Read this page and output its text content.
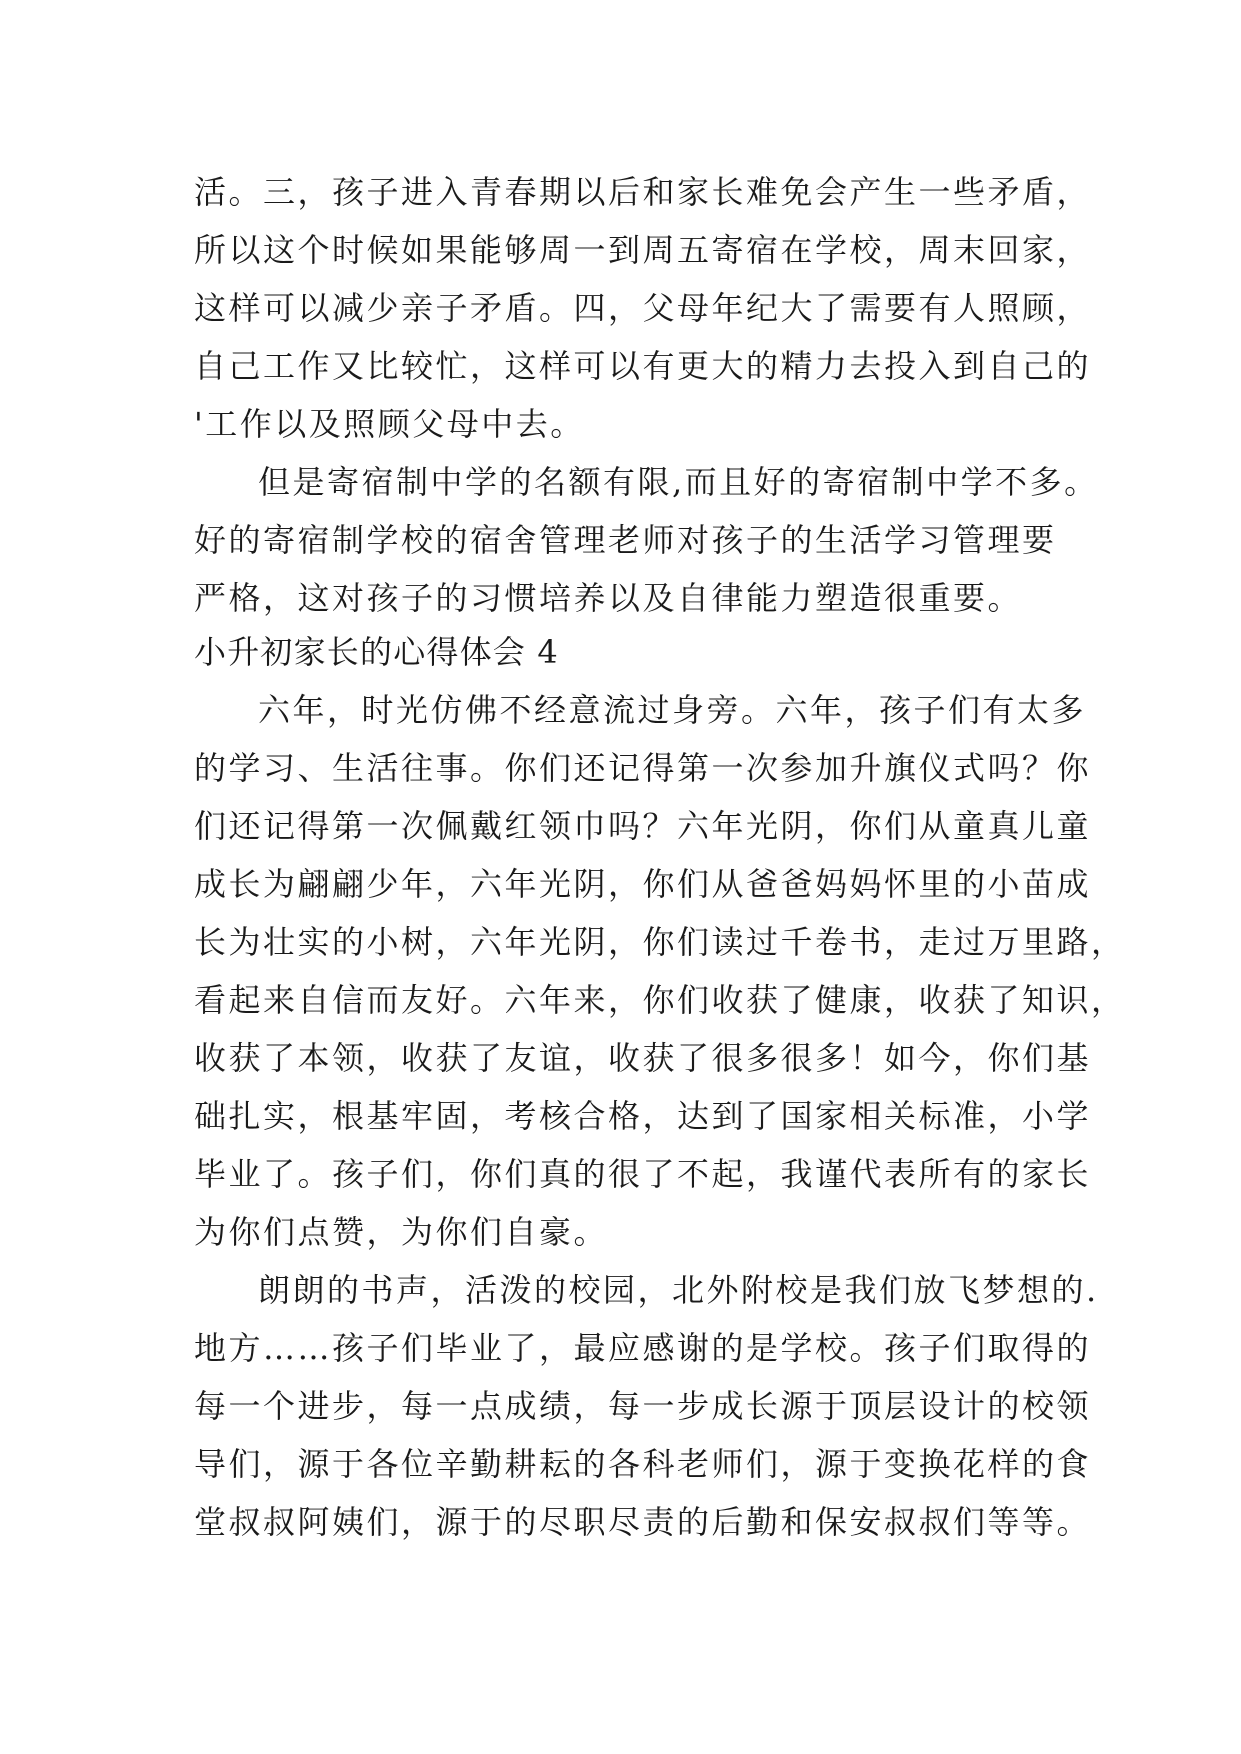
活。三，孩子进入青春期以后和家长难免会产生一些矛盾，
所以这个时候如果能够周一到周五寄宿在学校，周末回家，
这样可以减少亲子矛盾。四，父母年纪大了需要有人照顾，
自己工作又比较忙，这样可以有更大的精力去投入到自己的
'工作以及照顾父母中去。
但是寄宿制中学的名额有限,而且好的寄宿制中学不多。
好的寄宿制学校的宿舍管理老师对孩子的生活学习管理要
严格，这对孩子的习惯培养以及自律能力塑造很重要。
小升初家长的心得体会 4
六年，时光仿佛不经意流过身旁。六年，孩子们有太多
的学习、生活往事。你们还记得第一次参加升旗仪式吗？你
们还记得第一次佩戴红领巾吗？六年光阴，你们从童真儿童
成长为翩翩少年，六年光阴，你们从爸爸妈妈怀里的小苗成
长为壮实的小树，六年光阴，你们读过千卷书，走过万里路，
看起来自信而友好。六年来，你们收获了健康，收获了知识，
收获了本领，收获了友谊，收获了很多很多！如今，你们基
础扎实，根基牢固，考核合格，达到了国家相关标准，小学
毕业了。孩子们，你们真的很了不起，我谨代表所有的家长
为你们点赞，为你们自豪。
朗朗的书声，活泼的校园，北外附校是我们放飞梦想的.
地方……孩子们毕业了，最应感谢的是学校。孩子们取得的
每一个进步，每一点成绩，每一步成长源于顶层设计的校领
导们，源于各位辛勤耕耘的各科老师们，源于变换花样的食
堂叔叔阿姨们，源于的尽职尽责的后勤和保安叔叔们等等。
